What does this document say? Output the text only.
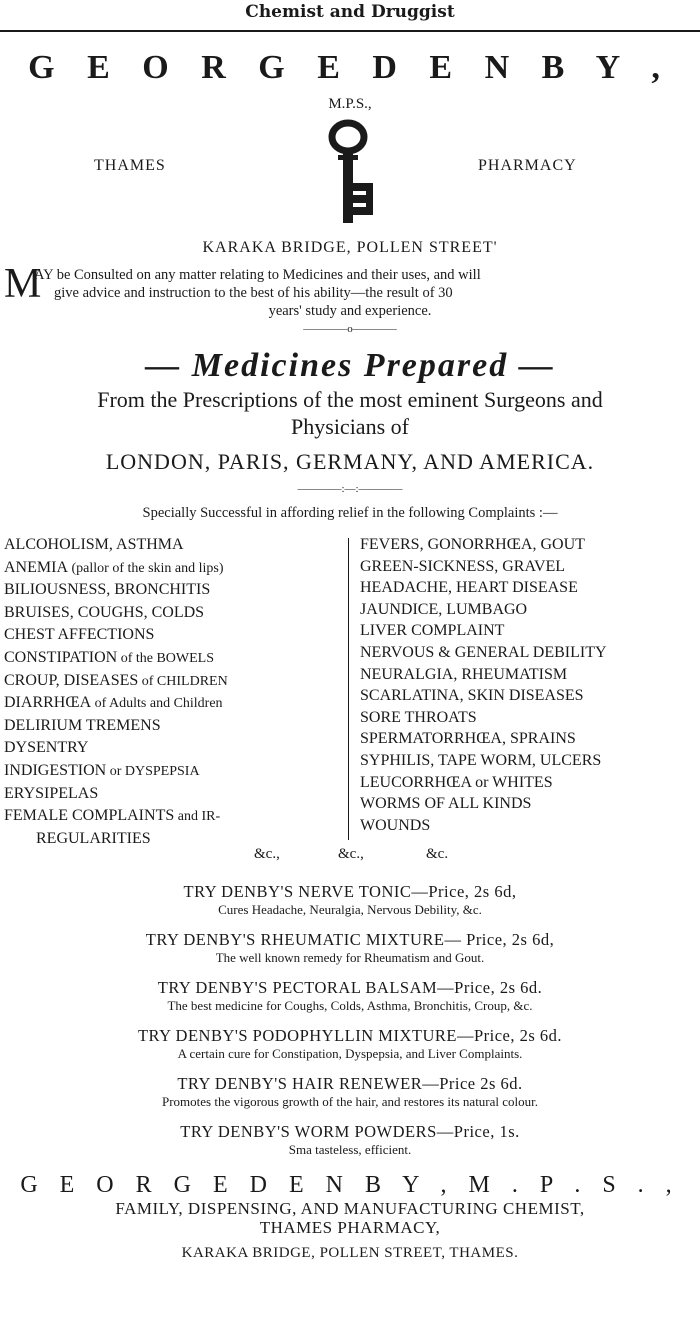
Chemist and Druggist
G E O R G E D E N B Y ,
M.P.S.,
THAMES	PHARMACY
KARAKA BRIDGE, POLLEN STREET'
M
AY be Consulted on any matter relating to Medicines and their uses, and will
give advice and instruction to the best of his ability—the result of 30
years' study and experience.
————o————
— Medicines Prepared —
From the Prescriptions of the most eminent Surgeons and
Physicians of
LONDON, PARIS, GERMANY, AND AMERICA.
————:—:————
Specially Successful in affording relief in the following Complaints :—
ALCOHOLISM, ASTHMA
ANEMIA (pallor of the skin and lips)
BILIOUSNESS, BRONCHITIS
BRUISES, COUGHS, COLDS
CHEST AFFECTIONS
CONSTIPATION of the BOWELS
CROUP, DISEASES of CHILDREN
DIARRHŒA of Adults and Children
DELIRIUM TREMENS
DYSENTRY
INDIGESTION or DYSPEPSIA
ERYSIPELAS
FEMALE COMPLAINTS and IR-
REGULARITIES
FEVERS, GONORRHŒA, GOUT
GREEN-SICKNESS, GRAVEL
HEADACHE, HEART DISEASE
JAUNDICE, LUMBAGO
LIVER COMPLAINT
NERVOUS & GENERAL DEBILITY
NEURALGIA, RHEUMATISM
SCARLATINA, SKIN DISEASES
SORE THROATS
SPERMATORRHŒA, SPRAINS
SYPHILIS, TAPE WORM, ULCERS
LEUCORRHŒA or WHITES
WORMS OF ALL KINDS
WOUNDS
&c.,	&c.,	&c.
TRY DENBY'S NERVE TONIC—Price, 2s 6d,
Cures Headache, Neuralgia, Nervous Debility, &c.
TRY DENBY'S RHEUMATIC MIXTURE— Price, 2s 6d,
The well known remedy for Rheumatism and Gout.
TRY DENBY'S PECTORAL BALSAM—Price, 2s 6d.
The best medicine for Coughs, Colds, Asthma, Bronchitis, Croup, &c.
TRY DENBY'S PODOPHYLLIN MIXTURE—Price, 2s 6d.
A certain cure for Constipation, Dyspepsia, and Liver Complaints.
TRY DENBY'S HAIR RENEWER—Price 2s 6d.
Promotes the vigorous growth of the hair, and restores its natural colour.
TRY DENBY'S WORM POWDERS—Price, 1s.
Sma tasteless, efficient.
G E O R G E D E N B Y , M . P . S . ,
FAMILY, DISPENSING, AND MANUFACTURING CHEMIST,
THAMES PHARMACY,
KARAKA BRIDGE, POLLEN STREET, THAMES.
